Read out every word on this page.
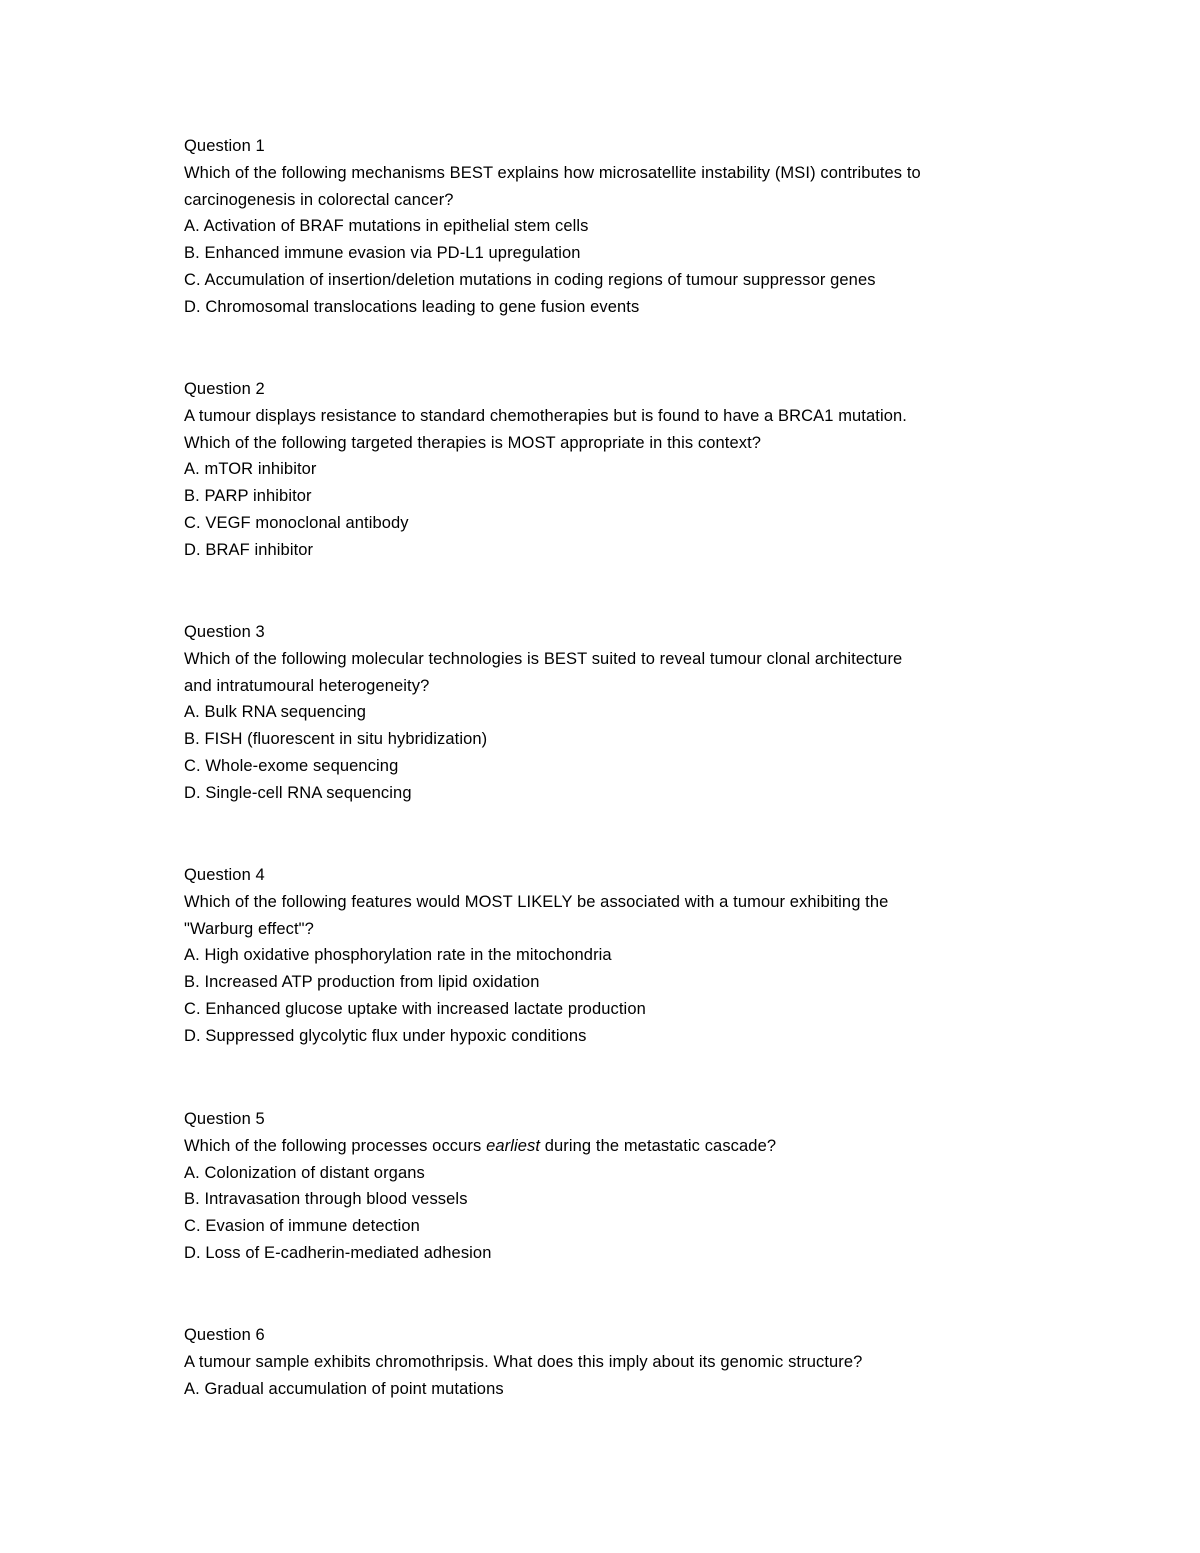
Question 1
Which of the following mechanisms BEST explains how microsatellite instability (MSI) contributes to
carcinogenesis in colorectal cancer?
A. Activation of BRAF mutations in epithelial stem cells
B. Enhanced immune evasion via PD-L1 upregulation
C. Accumulation of insertion/deletion mutations in coding regions of tumour suppressor genes
D. Chromosomal translocations leading to gene fusion events
Question 2
A tumour displays resistance to standard chemotherapies but is found to have a BRCA1 mutation.
Which of the following targeted therapies is MOST appropriate in this context?
A. mTOR inhibitor
B. PARP inhibitor
C. VEGF monoclonal antibody
D. BRAF inhibitor
Question 3
Which of the following molecular technologies is BEST suited to reveal tumour clonal architecture
and intratumoural heterogeneity?
A. Bulk RNA sequencing
B. FISH (fluorescent in situ hybridization)
C. Whole-exome sequencing
D. Single-cell RNA sequencing
Question 4
Which of the following features would MOST LIKELY be associated with a tumour exhibiting the
"Warburg effect"?
A. High oxidative phosphorylation rate in the mitochondria
B. Increased ATP production from lipid oxidation
C. Enhanced glucose uptake with increased lactate production
D. Suppressed glycolytic flux under hypoxic conditions
Question 5
Which of the following processes occurs earliest during the metastatic cascade?
A. Colonization of distant organs
B. Intravasation through blood vessels
C. Evasion of immune detection
D. Loss of E-cadherin-mediated adhesion
Question 6
A tumour sample exhibits chromothripsis. What does this imply about its genomic structure?
A. Gradual accumulation of point mutations
